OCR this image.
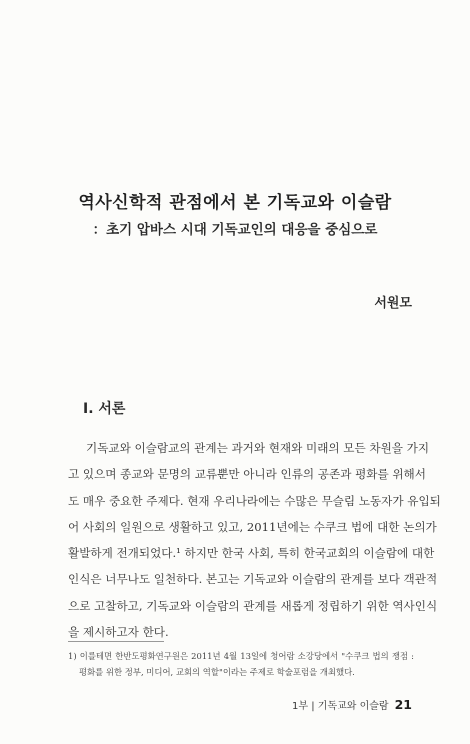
역사신학적 관점에서 본 기독교와 이슬람
：초기 압바스 시대 기독교인의 대응을 중심으로
서원모
I. 서론
기독교와 이슬람교의 관계는 과거와 현재와 미래의 모든 차원을 가지
고 있으며 종교와 문명의 교류뿐만 아니라 인류의 공존과 평화를 위해서
도 매우 중요한 주제다. 현재 우리나라에는 수많은 무슬림 노동자가 유입되
어 사회의 일원으로 생활하고 있고, 2011년에는 수쿠크 법에 대한 논의가
활발하게 전개되었다.¹ 하지만 한국 사회, 특히 한국교회의 이슬람에 대한
인식은 너무나도 일천하다. 본고는 기독교와 이슬람의 관계를 보다 객관적
으로 고찰하고, 기독교와 이슬람의 관계를 새롭게 정립하기 위한 역사인식
을 제시하고자 한다.
1) 이를테면 한반도평화연구원은 2011년 4월 13일에 청어람 소강당에서 "수쿠크 법의 쟁점 :
평화를 위한 정부, 미디어, 교회의 역할"이라는 주제로 학술포럼을 개최했다.
1부 | 기독교와 이슬람 21
